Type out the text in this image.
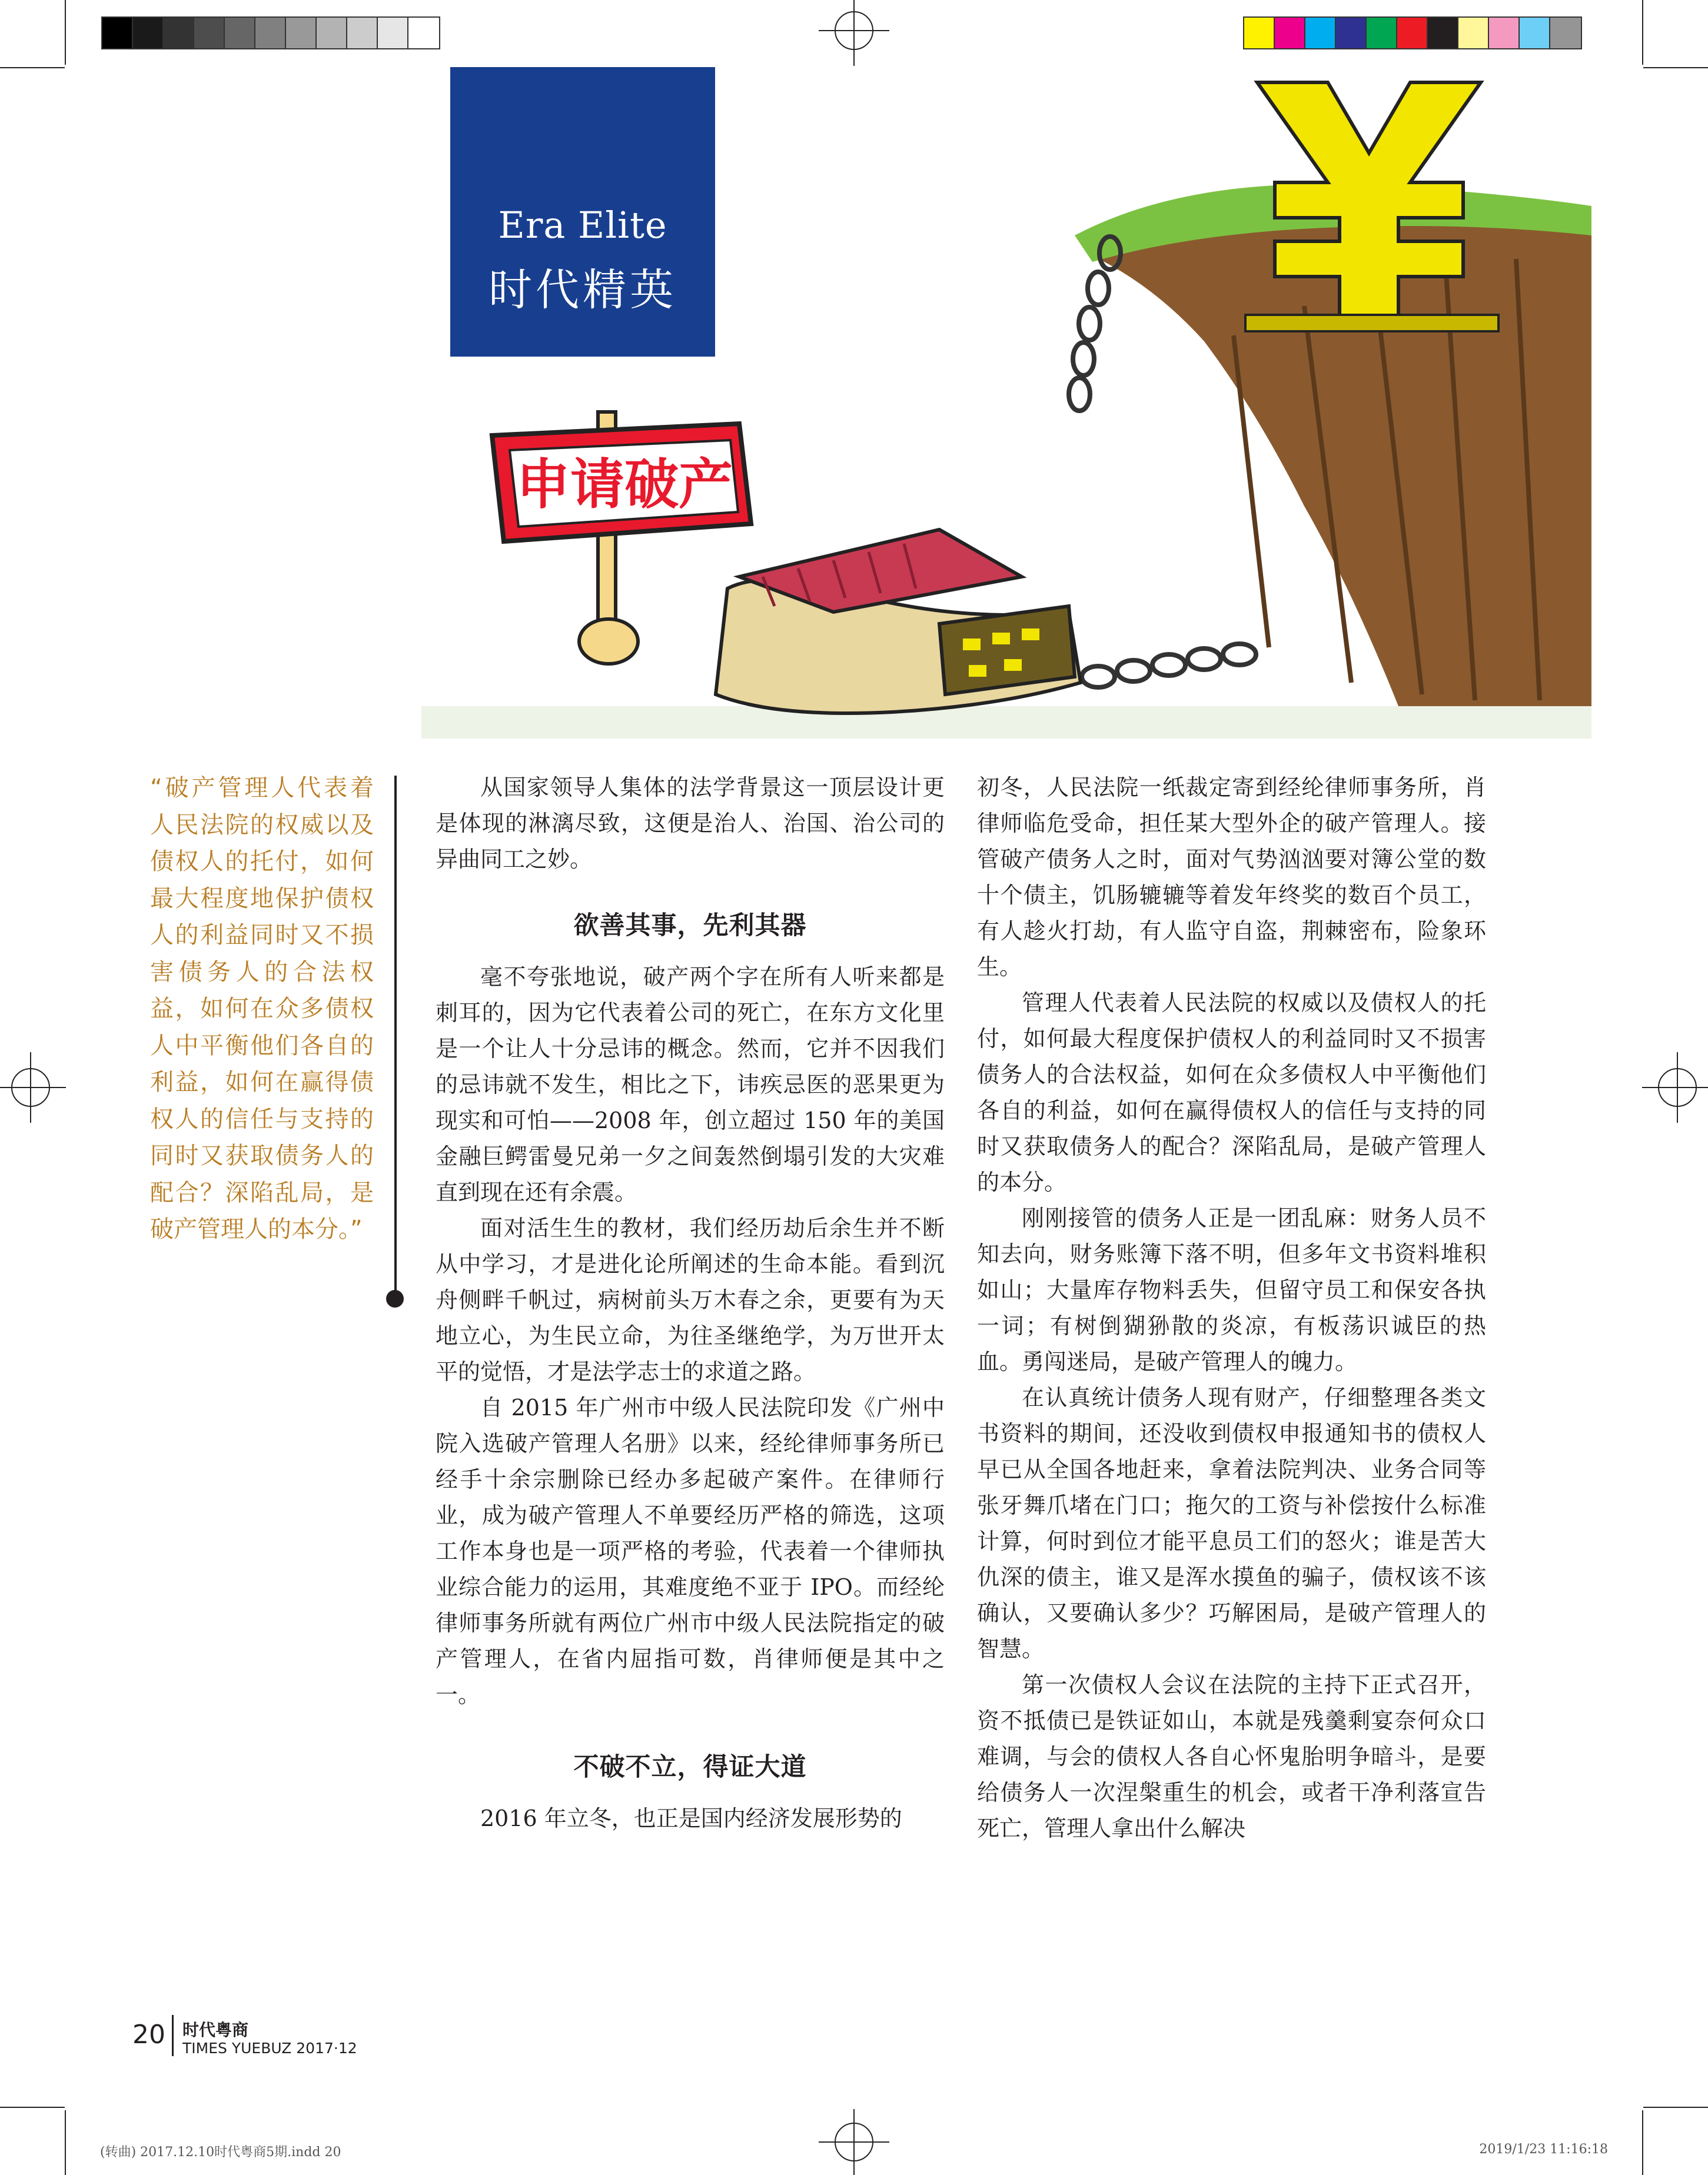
申请破产
Era Elite
时代精英
“破产管理人代表着人民法院的权威以及债权人的托付，如何最大程度地保护债权人的利益同时又不损害债务人的合法权益，如何在众多债权人中平衡他们各自的利益，如何在赢得债权人的信任与支持的同时又获取债务人的配合？深陷乱局，是破产管理人的本分。”

从国家领导人集体的法学背景这一顶层设计更是体现的淋漓尽致，这便是治人、治国、治公司的异曲同工之妙。

欲善其事，先利其器

毫不夸张地说，破产两个字在所有人听来都是刺耳的，因为它代表着公司的死亡，在东方文化里是一个让人十分忌讳的概念。然而，它并不因我们的忌讳就不发生，相比之下，讳疾忌医的恶果更为现实和可怕——2008 年，创立超过 150 年的美国金融巨鳄雷曼兄弟一夕之间轰然倒塌引发的大灾难直到现在还有余震。

面对活生生的教材，我们经历劫后余生并不断从中学习，才是进化论所阐述的生命本能。看到沉舟侧畔千帆过，病树前头万木春之余，更要有为天地立心，为生民立命，为往圣继绝学，为万世开太平的觉悟，才是法学志士的求道之路。

自 2015 年广州市中级人民法院印发《广州中院入选破产管理人名册》以来，经纶律师事务所已经手十余宗删除已经办多起破产案件。在律师行业，成为破产管理人不单要经历严格的筛选，这项工作本身也是一项严格的考验，代表着一个律师执业综合能力的运用，其难度绝不亚于 IPO。而经纶律师事务所就有两位广州市中级人民法院指定的破产管理人，在省内屈指可数，肖律师便是其中之一。

不破不立，得证大道

2016 年立冬，也正是国内经济发展形势的

初冬，人民法院一纸裁定寄到经纶律师事务所，肖律师临危受命，担任某大型外企的破产管理人。接管破产债务人之时，面对气势汹汹要对簿公堂的数十个债主，饥肠辘辘等着发年终奖的数百个员工，有人趁火打劫，有人监守自盗，荆棘密布，险象环生。

管理人代表着人民法院的权威以及债权人的托付，如何最大程度保护债权人的利益同时又不损害债务人的合法权益，如何在众多债权人中平衡他们各自的利益，如何在赢得债权人的信任与支持的同时又获取债务人的配合？深陷乱局，是破产管理人的本分。

刚刚接管的债务人正是一团乱麻：财务人员不知去向，财务账簿下落不明，但多年文书资料堆积如山；大量库存物料丢失，但留守员工和保安各执一词；有树倒猢狲散的炎凉，有板荡识诚臣的热血。勇闯迷局，是破产管理人的魄力。

在认真统计债务人现有财产，仔细整理各类文书资料的期间，还没收到债权申报通知书的债权人早已从全国各地赶来，拿着法院判决、业务合同等张牙舞爪堵在门口；拖欠的工资与补偿按什么标准计算，何时到位才能平息员工们的怒火；谁是苦大仇深的债主，谁又是浑水摸鱼的骗子，债权该不该确认，又要确认多少？巧解困局，是破产管理人的智慧。

第一次债权人会议在法院的主持下正式召开，资不抵债已是铁证如山，本就是残羹剩宴奈何众口难调，与会的债权人各自心怀鬼胎明争暗斗，是要给债务人一次涅槃重生的机会，或者干净利落宣告死亡，管理人拿出什么解决

20 时代粤商
TIMES YUEBUZ 2017·12
(转曲) 2017.12.10时代粤商5期.indd 20	2019/1/23 11:16:18
